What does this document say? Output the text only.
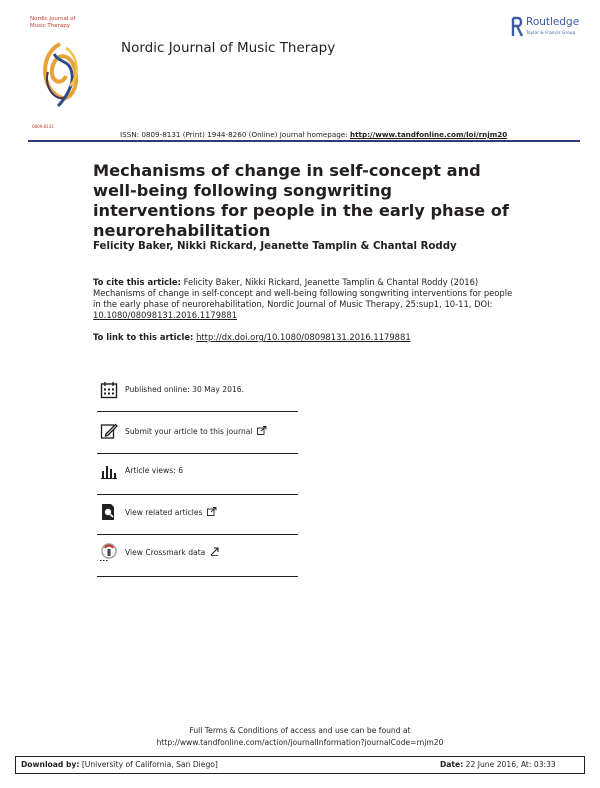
0809-8131
Nordic Journal of Music Therapy
Nordic Journal of Music Therapy
Routledge
Taylor & Francis Group
ISSN: 0809-8131 (Print) 1944-8260 (Online) Journal homepage: http://www.tandfonline.com/loi/rnjm20
Mechanisms of change in self-concept and well-being following songwriting interventions for people in the early phase of neurorehabilitation
Felicity Baker, Nikki Rickard, Jeanette Tamplin & Chantal Roddy
To cite this article: Felicity Baker, Nikki Rickard, Jeanette Tamplin & Chantal Roddy (2016) Mechanisms of change in self-concept and well-being following songwriting interventions for people in the early phase of neurorehabilitation, Nordic Journal of Music Therapy, 25:sup1, 10-11, DOI: 10.1080/08098131.2016.1179881
To link to this article: http://dx.doi.org/10.1080/08098131.2016.1179881
Published online: 30 May 2016.
Submit your article to this journal
Article views: 6
View related articles
View Crossmark data
Full Terms & Conditions of access and use can be found at
http://www.tandfonline.com/action/journalInformation?journalCode=rnjm20
Download by: [University of California, San Diego]	Date: 22 June 2016, At: 03:33
